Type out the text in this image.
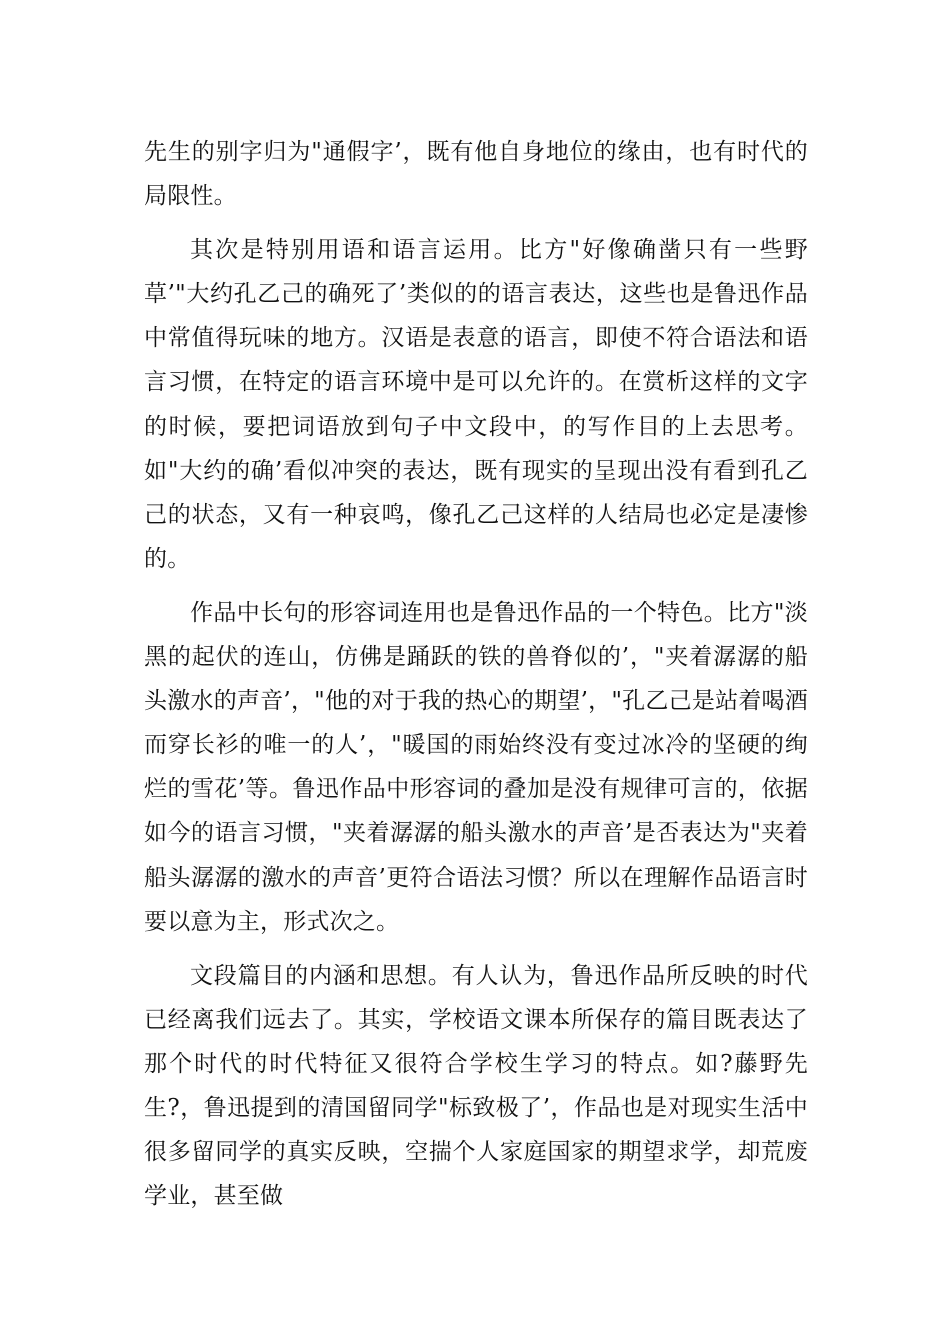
先生的别字归为"通假字’，既有他自身地位的缘由，也有时代的局限性。

其次是特别用语和语言运用。比方"好像确凿只有一些野草’"大约孔乙己的确死了’类似的的语言表达，这些也是鲁迅作品中常值得玩味的地方。汉语是表意的语言，即使不符合语法和语言习惯，在特定的语言环境中是可以允许的。在赏析这样的文字的时候，要把词语放到句子中文段中，的写作目的上去思考。如"大约的确’看似冲突的表达，既有现实的呈现出没有看到孔乙己的状态，又有一种哀鸣，像孔乙己这样的人结局也必定是凄惨的。

作品中长句的形容词连用也是鲁迅作品的一个特色。比方"淡黑的起伏的连山，仿佛是踊跃的铁的兽脊似的’，"夹着潺潺的船头激水的声音’，"他的对于我的热心的期望’，"孔乙己是站着喝酒而穿长衫的唯一的人’，"暖国的雨始终没有变过冰冷的坚硬的绚烂的雪花’等。鲁迅作品中形容词的叠加是没有规律可言的，依据如今的语言习惯，"夹着潺潺的船头激水的声音’是否表达为"夹着船头潺潺的激水的声音’更符合语法习惯？所以在理解作品语言时要以意为主，形式次之。

文段篇目的内涵和思想。有人认为，鲁迅作品所反映的时代已经离我们远去了。其实，学校语文课本所保存的篇目既表达了那个时代的时代特征又很符合学校生学习的特点。如?藤野先生?，鲁迅提到的清国留同学"标致极了’，作品也是对现实生活中很多留同学的真实反映，空揣个人家庭国家的期望求学，却荒废学业，甚至做
